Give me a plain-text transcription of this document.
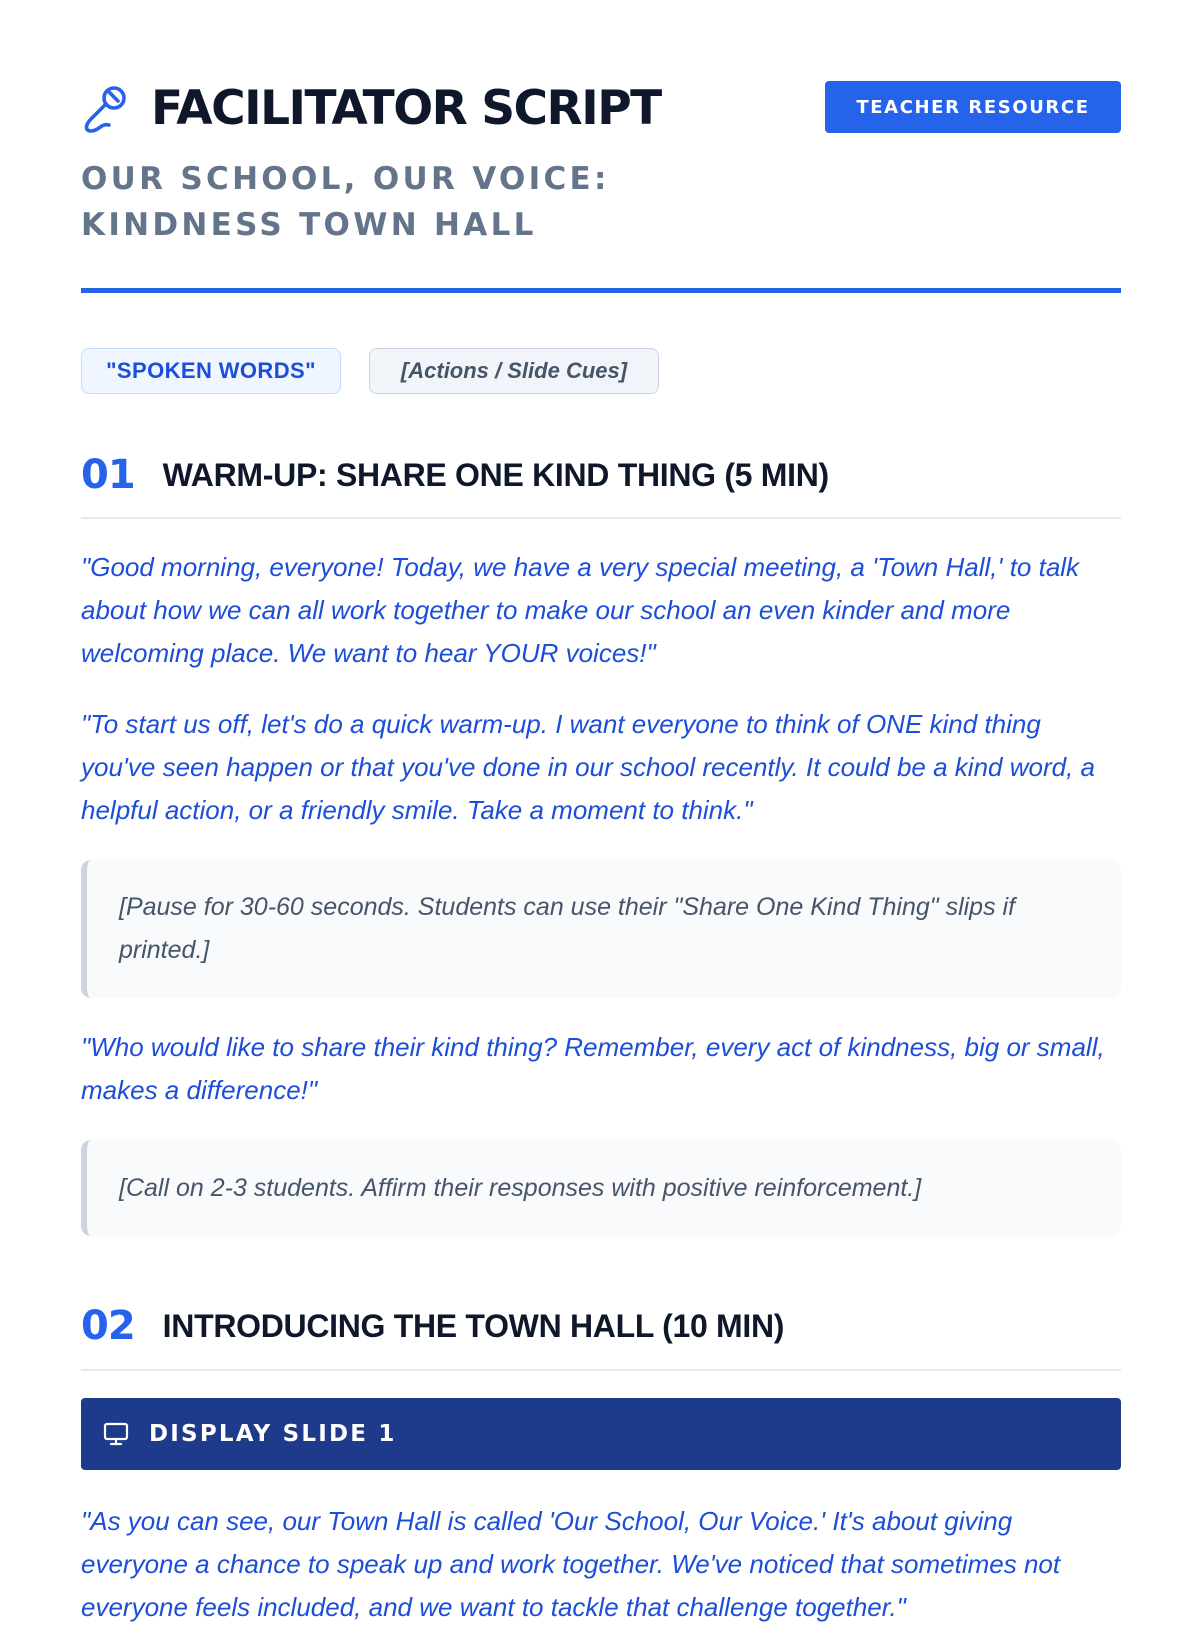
FACILITATOR SCRIPT	TEACHER RESOURCE
OUR SCHOOL, OUR VOICE: KINDNESS TOWN HALL
"SPOKEN WORDS"	[Actions / Slide Cues]
01 WARM-UP: SHARE ONE KIND THING (5 MIN)

"Good morning, everyone! Today, we have a very special meeting, a 'Town Hall,' to talk about how we can all work together to make our school an even kinder and more welcoming place. We want to hear YOUR voices!"

"To start us off, let's do a quick warm-up. I want everyone to think of ONE kind thing you've seen happen or that you've done in our school recently. It could be a kind word, a helpful action, or a friendly smile. Take a moment to think."

[Pause for 30-60 seconds. Students can use their "Share One Kind Thing" slips if printed.]

"Who would like to share their kind thing? Remember, every act of kindness, big or small, makes a difference!"

[Call on 2-3 students. Affirm their responses with positive reinforcement.]
02 INTRODUCING THE TOWN HALL (10 MIN)
DISPLAY SLIDE 1

"As you can see, our Town Hall is called 'Our School, Our Voice.' It's about giving everyone a chance to speak up and work together. We've noticed that sometimes not everyone feels included, and we want to tackle that challenge together."
